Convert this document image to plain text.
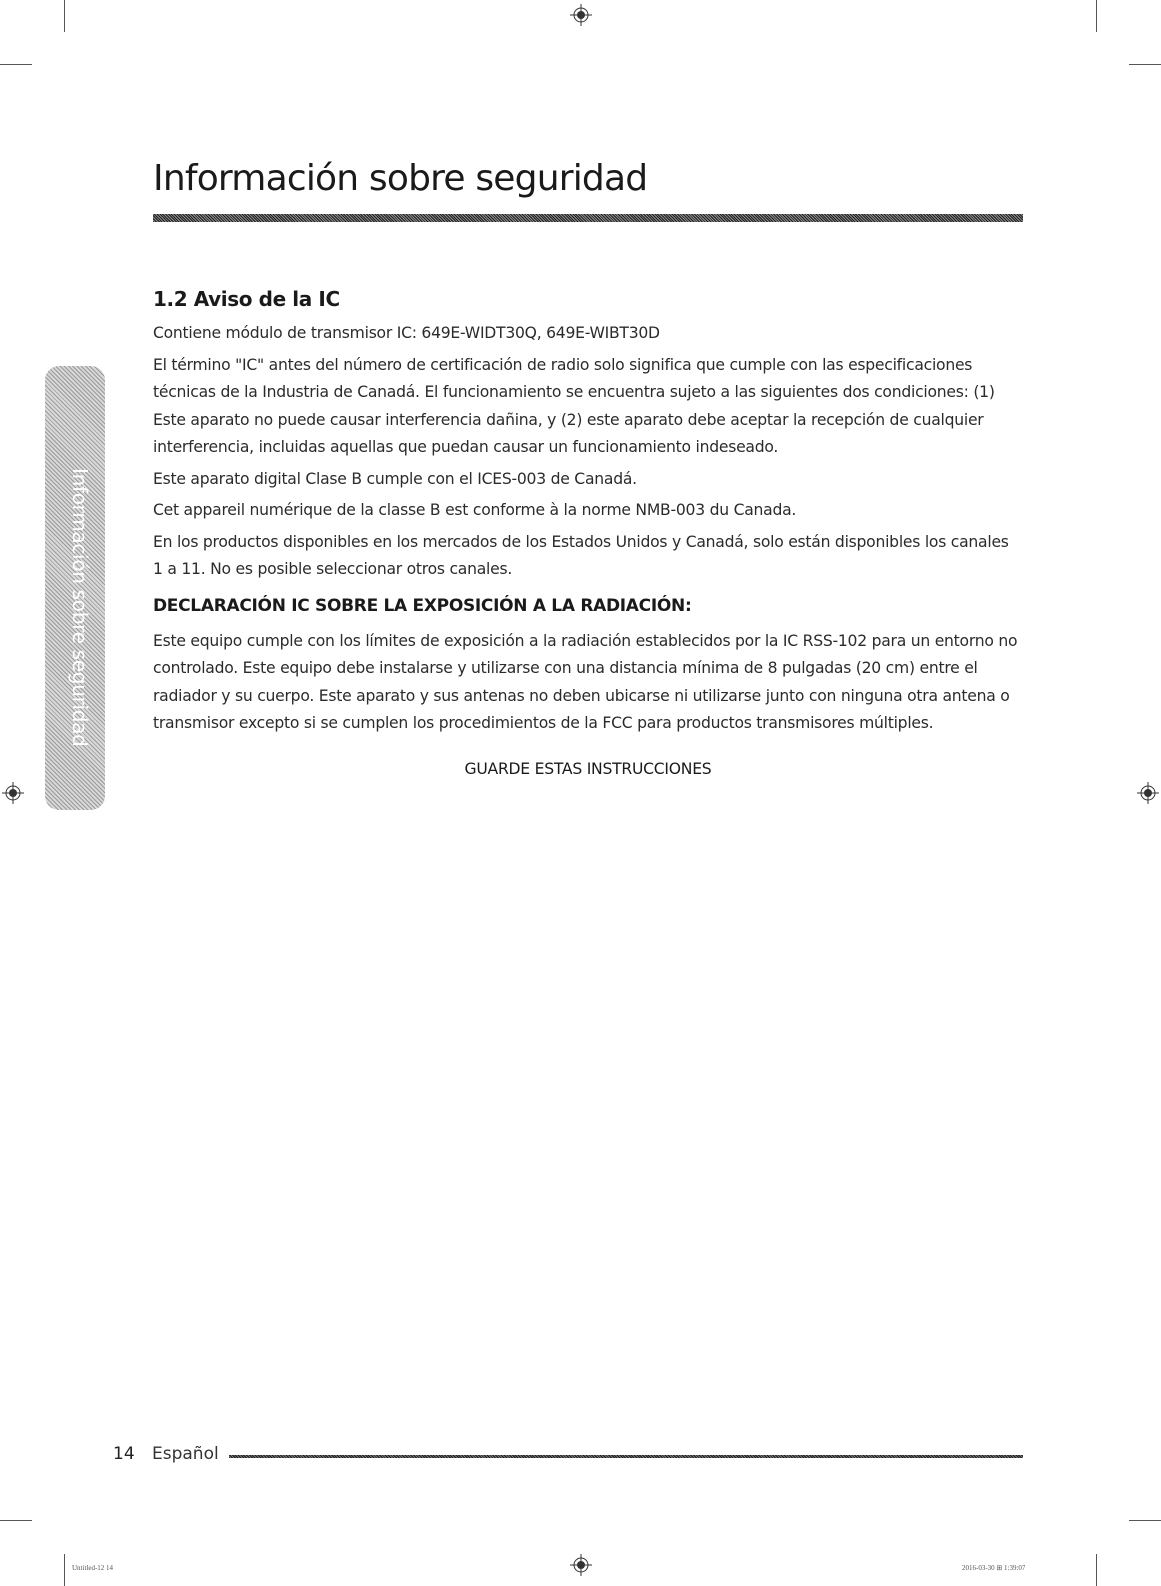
Información sobre seguridad
Información sobre seguridad
1.2 Aviso de la IC

Contiene módulo de transmisor IC: 649E-WIDT30Q, 649E-WIBT30D

El término "IC" antes del número de certificación de radio solo significa que cumple con las especificaciones técnicas de la Industria de Canadá. El funcionamiento se encuentra sujeto a las siguientes dos condiciones: (1) Este aparato no puede causar interferencia dañina, y (2) este aparato debe aceptar la recepción de cualquier interferencia, incluidas aquellas que puedan causar un funcionamiento indeseado.

Este aparato digital Clase B cumple con el ICES-003 de Canadá.

Cet appareil numérique de la classe B est conforme à la norme NMB-003 du Canada.

En los productos disponibles en los mercados de los Estados Unidos y Canadá, solo están disponibles los canales 1 a 11. No es posible seleccionar otros canales.

DECLARACIÓN IC SOBRE LA EXPOSICIÓN A LA RADIACIÓN:

Este equipo cumple con los límites de exposición a la radiación establecidos por la IC RSS-102 para un entorno no controlado. Este equipo debe instalarse y utilizarse con una distancia mínima de 8 pulgadas (20 cm) entre el radiador y su cuerpo. Este aparato y sus antenas no deben ubicarse ni utilizarse junto con ninguna otra antena o transmisor excepto si se cumplen los procedimientos de la FCC para productos transmisores múltiples.

GUARDE ESTAS INSTRUCCIONES

14 Español
Untitled-12 14	2016-03-30 ⊞ 1:39:07
